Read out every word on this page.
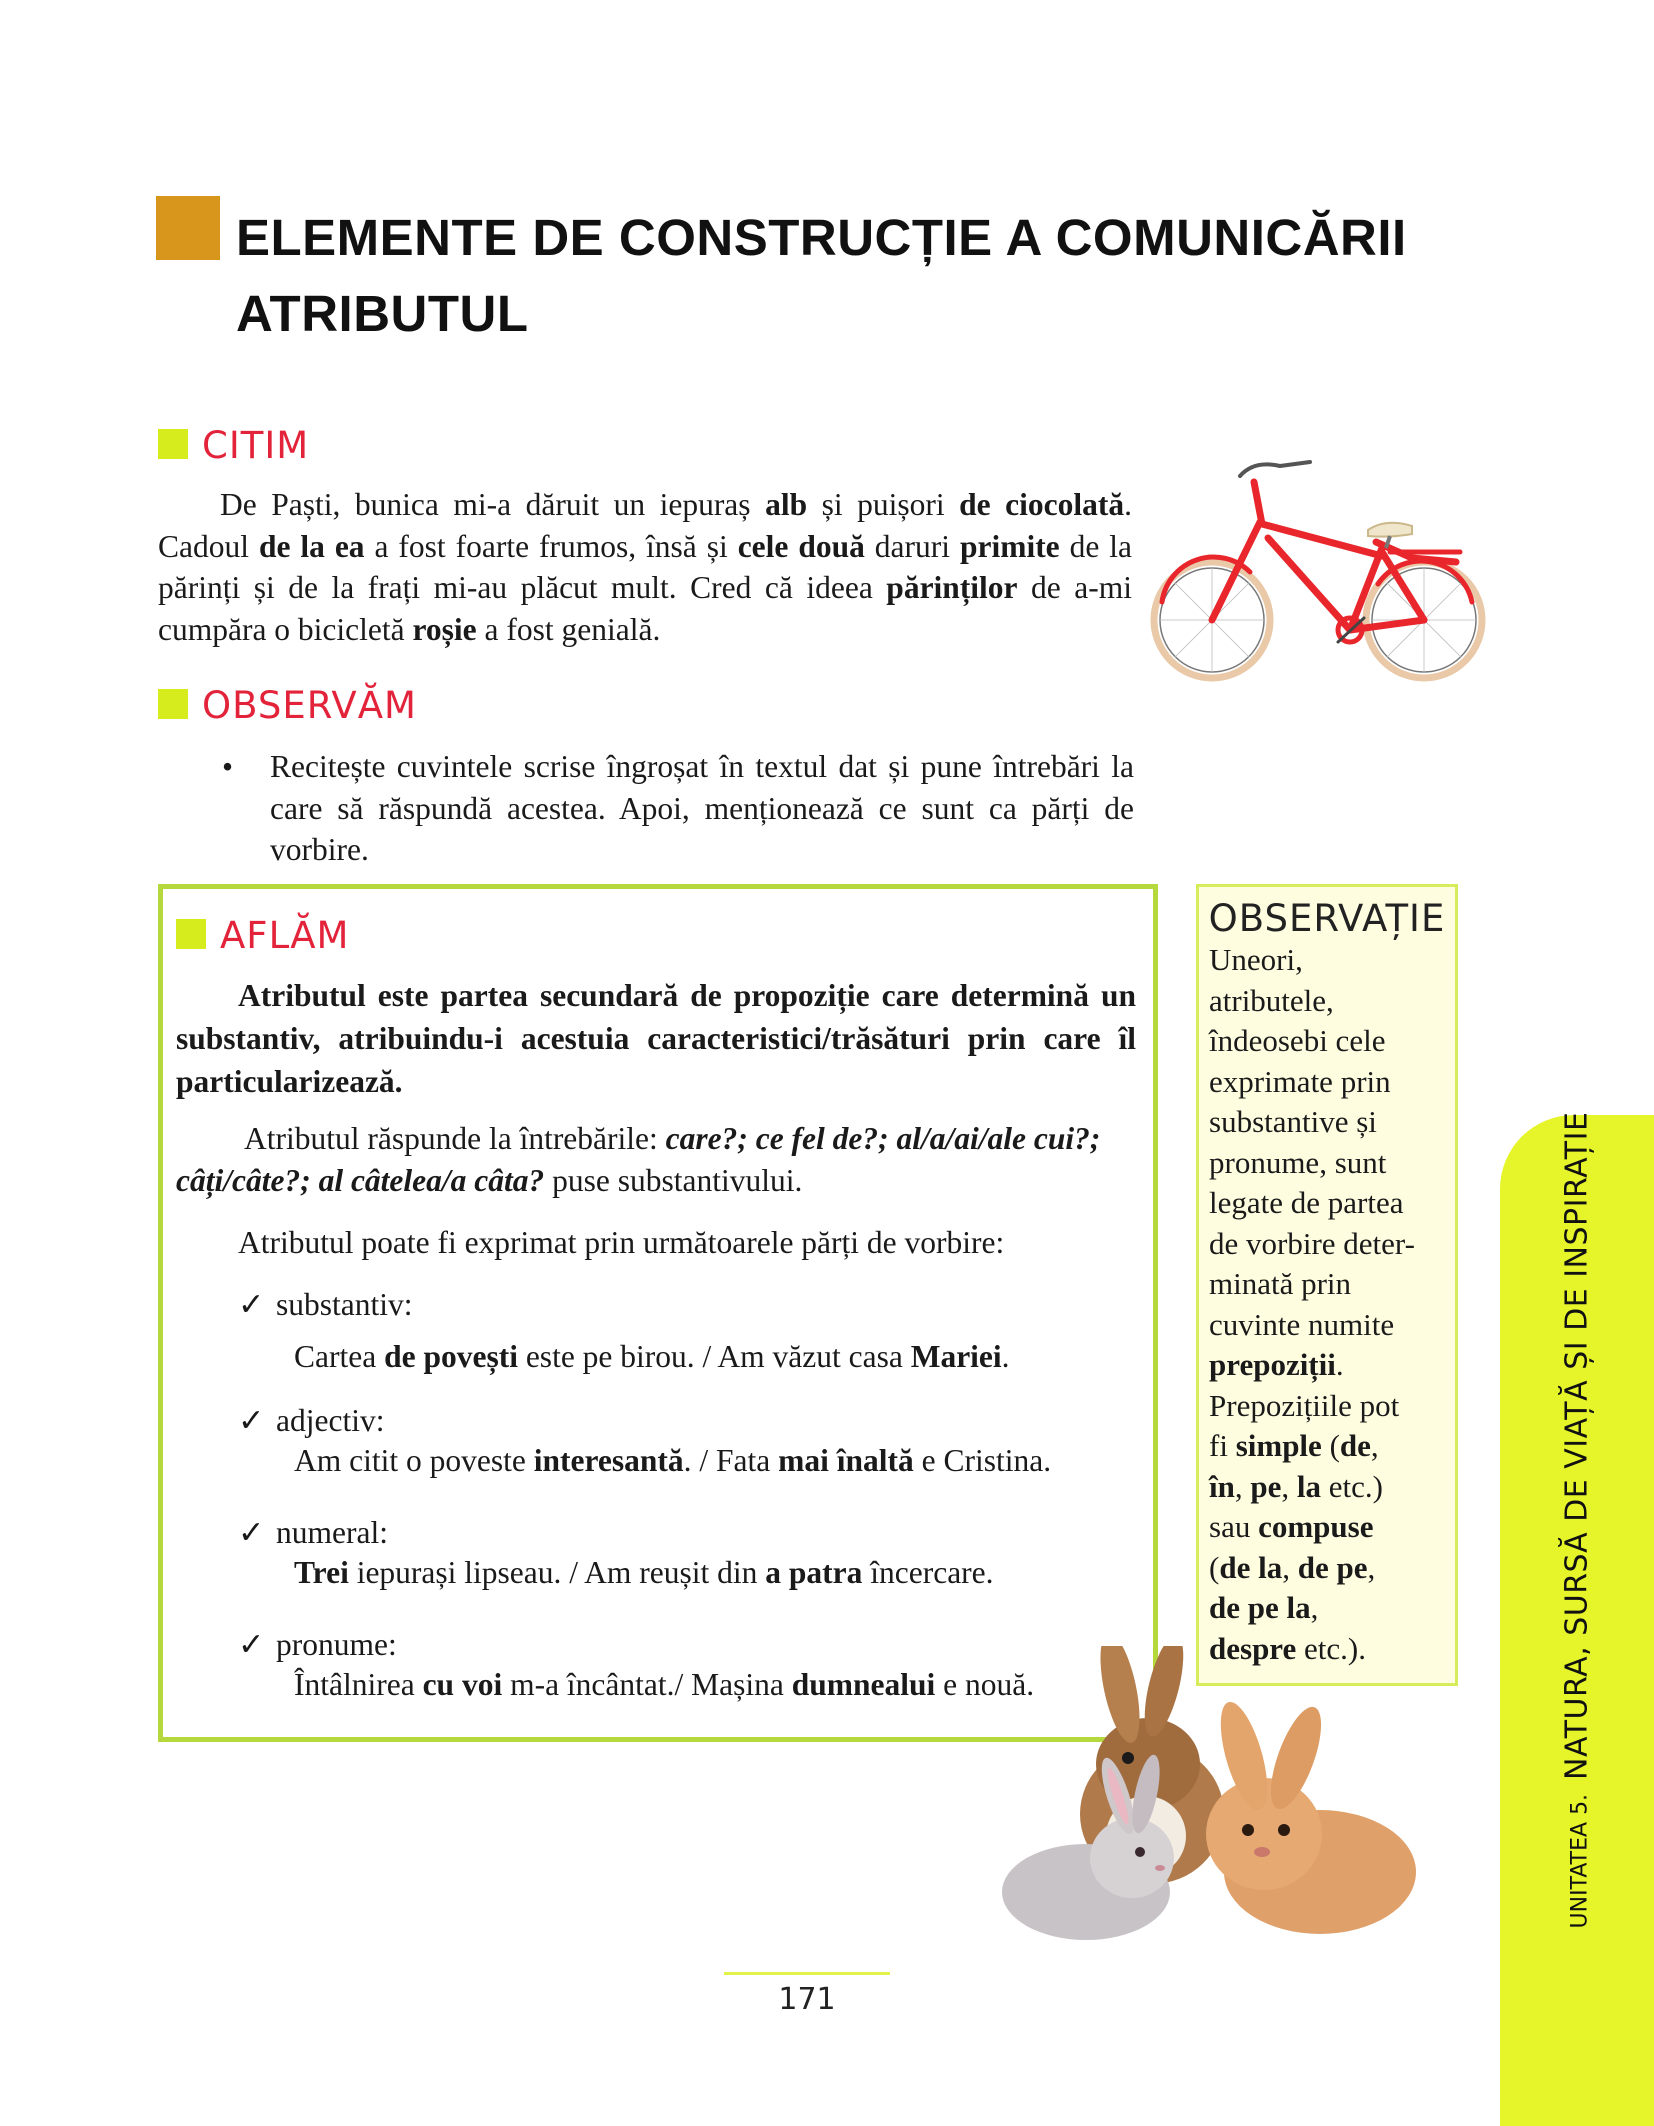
ELEMENTE DE CONSTRUCȚIE A COMUNICĂRII
ATRIBUTUL
CITIM

De Paști, bunica mi-a dăruit un iepuraș alb și puișori de ciocolată. Cadoul de la ea a fost foarte frumos, însă și cele două daruri primite de la părinți și de la frați mi-au plăcut mult. Cred că ideea părinților de a-mi cumpăra o bicicletă roșie a fost genială.

OBSERVĂM
• Recitește cuvintele scrise îngroșat în textul dat și pune întrebări la care să răspundă acestea. Apoi, menționează ce sunt ca părți de vorbire.

AFLĂM

Atributul este partea secundară de propoziție care determină un substantiv, atribuindu-i acestuia caracteristici/trăsături prin care îl particularizează.

Atributul răspunde la întrebările: care?; ce fel de?; al/a/ai/ale cui?; câți/câte?; al câtelea/a câta? puse substantivului.

Atributul poate fi exprimat prin următoarele părți de vorbire:

✓ substantiv:
Cartea de povești este pe birou. / Am văzut casa Mariei.
✓ adjectiv:
Am citit o poveste interesantă. / Fata mai înaltă e Cristina.
✓ numeral:
Trei iepurași lipseau. / Am reușit din a patra încercare.
✓ pronume:
Întâlnirea cu voi m-a încântat./ Mașina dumnealui e nouă.
OBSERVAȚIE
Uneori,
atributele,
îndeosebi cele
exprimate prin
substantive și
pronume, sunt
legate de partea
de vorbire deter-
minată prin
cuvinte numite
prepoziții.
Prepozițiile pot
fi simple (de,
în, pe, la etc.)
sau compuse
(de la, de pe,
de pe la,
despre etc.).
UNITATEA 5.  NATURA, SURSĂ DE VIAȚĂ ȘI DE INSPIRAȚIE
171
